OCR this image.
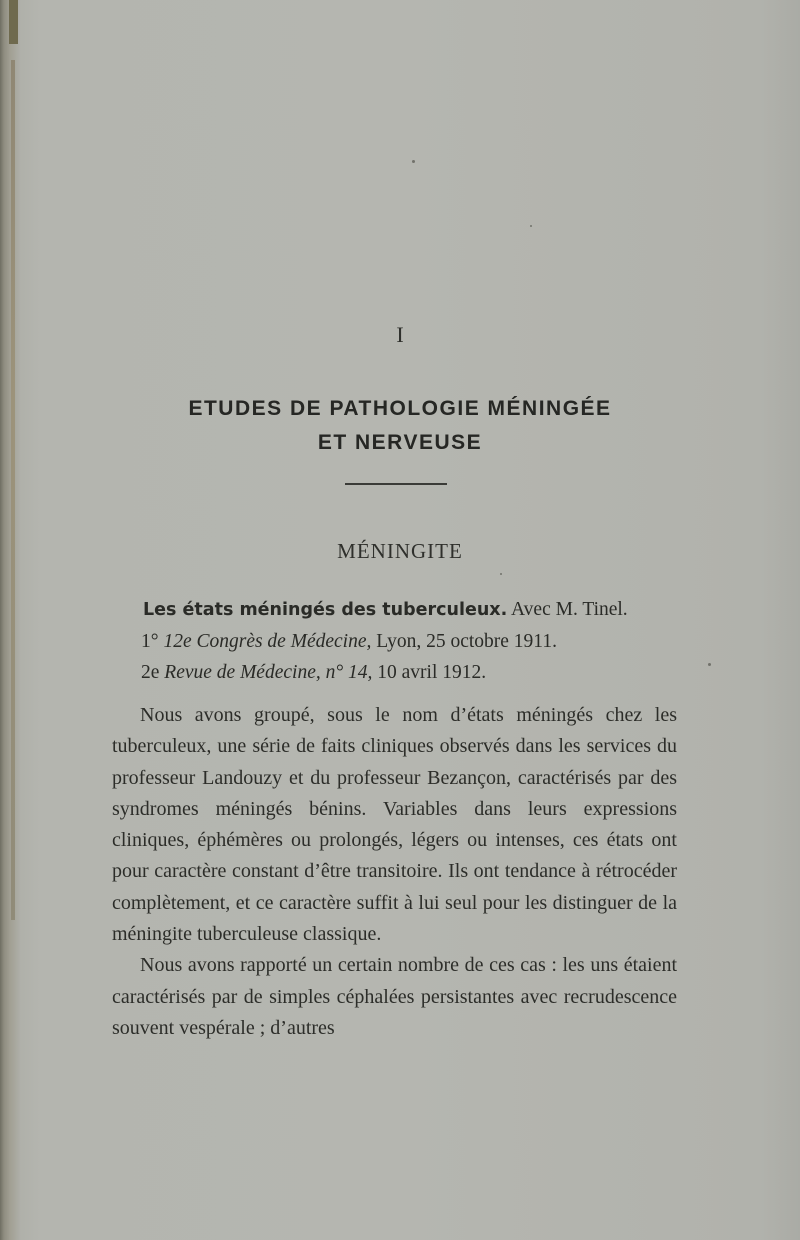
I
ETUDES DE PATHOLOGIE MÉNINGÉE
ET NERVEUSE
MÉNINGITE
Les états méningés des tuberculeux. Avec M. Tinel.
1° 12e Congrès de Médecine, Lyon, 25 octobre 1911.
2e Revue de Médecine, n° 14, 10 avril 1912.

Nous avons groupé, sous le nom d’états méningés chez les tuberculeux, une série de faits cliniques observés dans les services du professeur Landouzy et du professeur Bezançon, caractérisés par des syndromes méningés bénins. Variables dans leurs expressions cliniques, éphémères ou prolongés, légers ou intenses, ces états ont pour caractère constant d’être transitoire. Ils ont tendance à rétrocéder complètement, et ce caractère suffit à lui seul pour les distinguer de la méningite tuberculeuse classique.

Nous avons rapporté un certain nombre de ces cas : les uns étaient caractérisés par de simples céphalées persistantes avec recrudescence souvent vespérale ; d’autres
